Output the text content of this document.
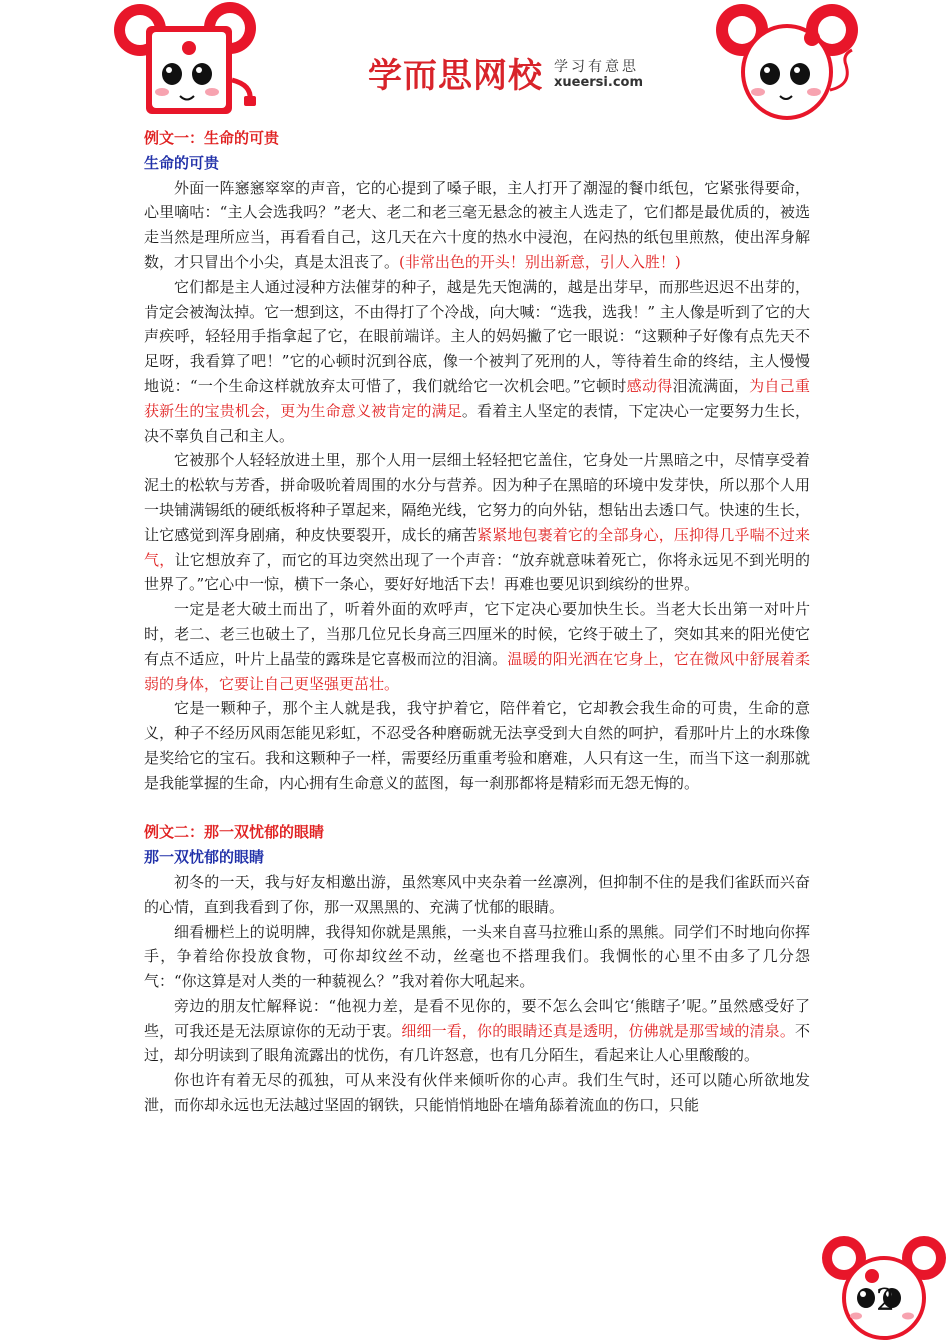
学而思网校 学习有意思
xueersi.com
例文一：生命的可贵
生命的可贵

外面一阵窸窸窣窣的声音，它的心提到了嗓子眼，主人打开了潮湿的餐巾纸包，它紧张得要命，心里嘀咕：“主人会选我吗？”老大、老二和老三毫无悬念的被主人选走了，它们都是最优质的，被选走当然是理所应当，再看看自己，这几天在六十度的热水中浸泡，在闷热的纸包里煎熬，使出浑身解数，才只冒出个小尖，真是太沮丧了。(非常出色的开头！别出新意，引人入胜！)

它们都是主人通过浸种方法催芽的种子，越是先天饱满的，越是出芽早，而那些迟迟不出芽的，肯定会被淘汰掉。它一想到这，不由得打了个冷战，向大喊：“选我，选我！” 主人像是听到了它的大声疾呼，轻轻用手指拿起了它，在眼前端详。主人的妈妈撇了它一眼说：“这颗种子好像有点先天不足呀，我看算了吧！”它的心顿时沉到谷底，像一个被判了死刑的人，等待着生命的终结，主人慢慢地说：“一个生命这样就放弃太可惜了，我们就给它一次机会吧。”它顿时感动得泪流满面，为自己重获新生的宝贵机会，更为生命意义被肯定的满足。看着主人坚定的表情，下定决心一定要努力生长，决不辜负自己和主人。

它被那个人轻轻放进土里，那个人用一层细土轻轻把它盖住，它身处一片黑暗之中，尽情享受着泥土的松软与芳香，拼命吸吮着周围的水分与营养。因为种子在黑暗的环境中发芽快，所以那个人用一块铺满锡纸的硬纸板将种子罩起来，隔绝光线，它努力的向外钻，想钻出去透口气。快速的生长，让它感觉到浑身剧痛，种皮快要裂开，成长的痛苦紧紧地包裹着它的全部身心，压抑得几乎喘不过来气，让它想放弃了，而它的耳边突然出现了一个声音：“放弃就意味着死亡，你将永远见不到光明的世界了。”它心中一惊，横下一条心，要好好地活下去！再难也要见识到缤纷的世界。

一定是老大破土而出了，听着外面的欢呼声，它下定决心要加快生长。当老大长出第一对叶片时，老二、老三也破土了，当那几位兄长身高三四厘米的时候，它终于破土了，突如其来的阳光使它有点不适应，叶片上晶莹的露珠是它喜极而泣的泪滴。温暖的阳光洒在它身上，它在微风中舒展着柔弱的身体，它要让自己更坚强更茁壮。

它是一颗种子，那个主人就是我，我守护着它，陪伴着它，它却教会我生命的可贵，生命的意义，种子不经历风雨怎能见彩虹，不忍受各种磨砺就无法享受到大自然的呵护，看那叶片上的水珠像是奖给它的宝石。我和这颗种子一样，需要经历重重考验和磨难，人只有这一生，而当下这一刹那就是我能掌握的生命，内心拥有生命意义的蓝图，每一刹那都将是精彩而无怨无悔的。

例文二：那一双忧郁的眼睛
那一双忧郁的眼睛

初冬的一天，我与好友相邀出游，虽然寒风中夹杂着一丝凛冽，但抑制不住的是我们雀跃而兴奋的心情，直到我看到了你，那一双黑黑的、充满了忧郁的眼睛。

细看栅栏上的说明牌，我得知你就是黑熊，一头来自喜马拉雅山系的黑熊。同学们不时地向你挥手，争着给你投放食物，可你却纹丝不动，丝毫也不搭理我们。我惆怅的心里不由多了几分怨气：“你这算是对人类的一种藐视么？”我对着你大吼起来。

旁边的朋友忙解释说：“他视力差，是看不见你的，要不怎么会叫它‘熊瞎子’呢。”虽然感受好了些，可我还是无法原谅你的无动于衷。细细一看，你的眼睛还真是透明，仿佛就是那雪域的清泉。不过，却分明读到了眼角流露出的忧伤，有几许怒意，也有几分陌生，看起来让人心里酸酸的。

你也许有着无尽的孤独，可从来没有伙伴来倾听你的心声。我们生气时，还可以随心所欲地发泄，而你却永远也无法越过坚固的钢铁，只能悄悄地卧在墙角舔着流血的伤口，只能

2
